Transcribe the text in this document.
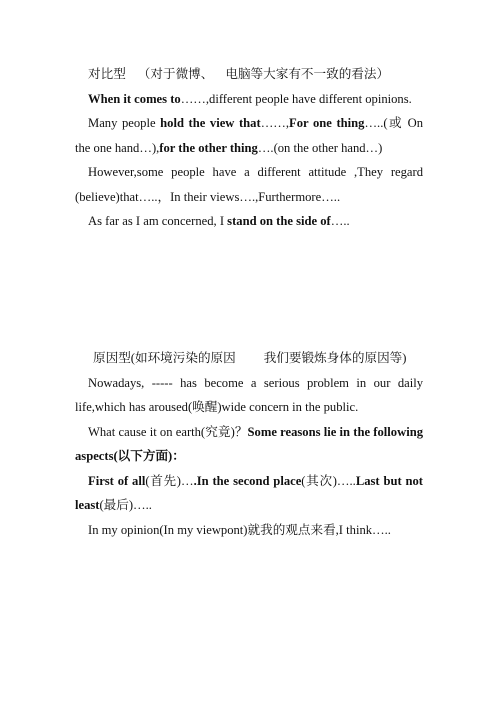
对比型 （对于微博、 电脑等大家有不一致的看法）

When it comes to……,different people have different opinions.

Many people hold the view that……,For one thing…..(或 On the one hand…),for the other thing….(on the other hand…)

However,some people have a different attitude ,They regard (believe)that…..，In their views….,Furthermore…..

As far as I am concerned, I stand on the side of…..

原因型(如环境污染的原因 我们要锻炼身体的原因等)

Nowadays, ----- has become a serious problem in our daily life,which has aroused(唤醒)wide concern in the public.

What cause it on earth(究竟)？Some reasons lie in the following aspects(以下方面)：

First of all(首先)….In the second place(其次)…..Last but not least(最后)…..

In my opinion(In my viewpont)就我的观点来看,I think…..
